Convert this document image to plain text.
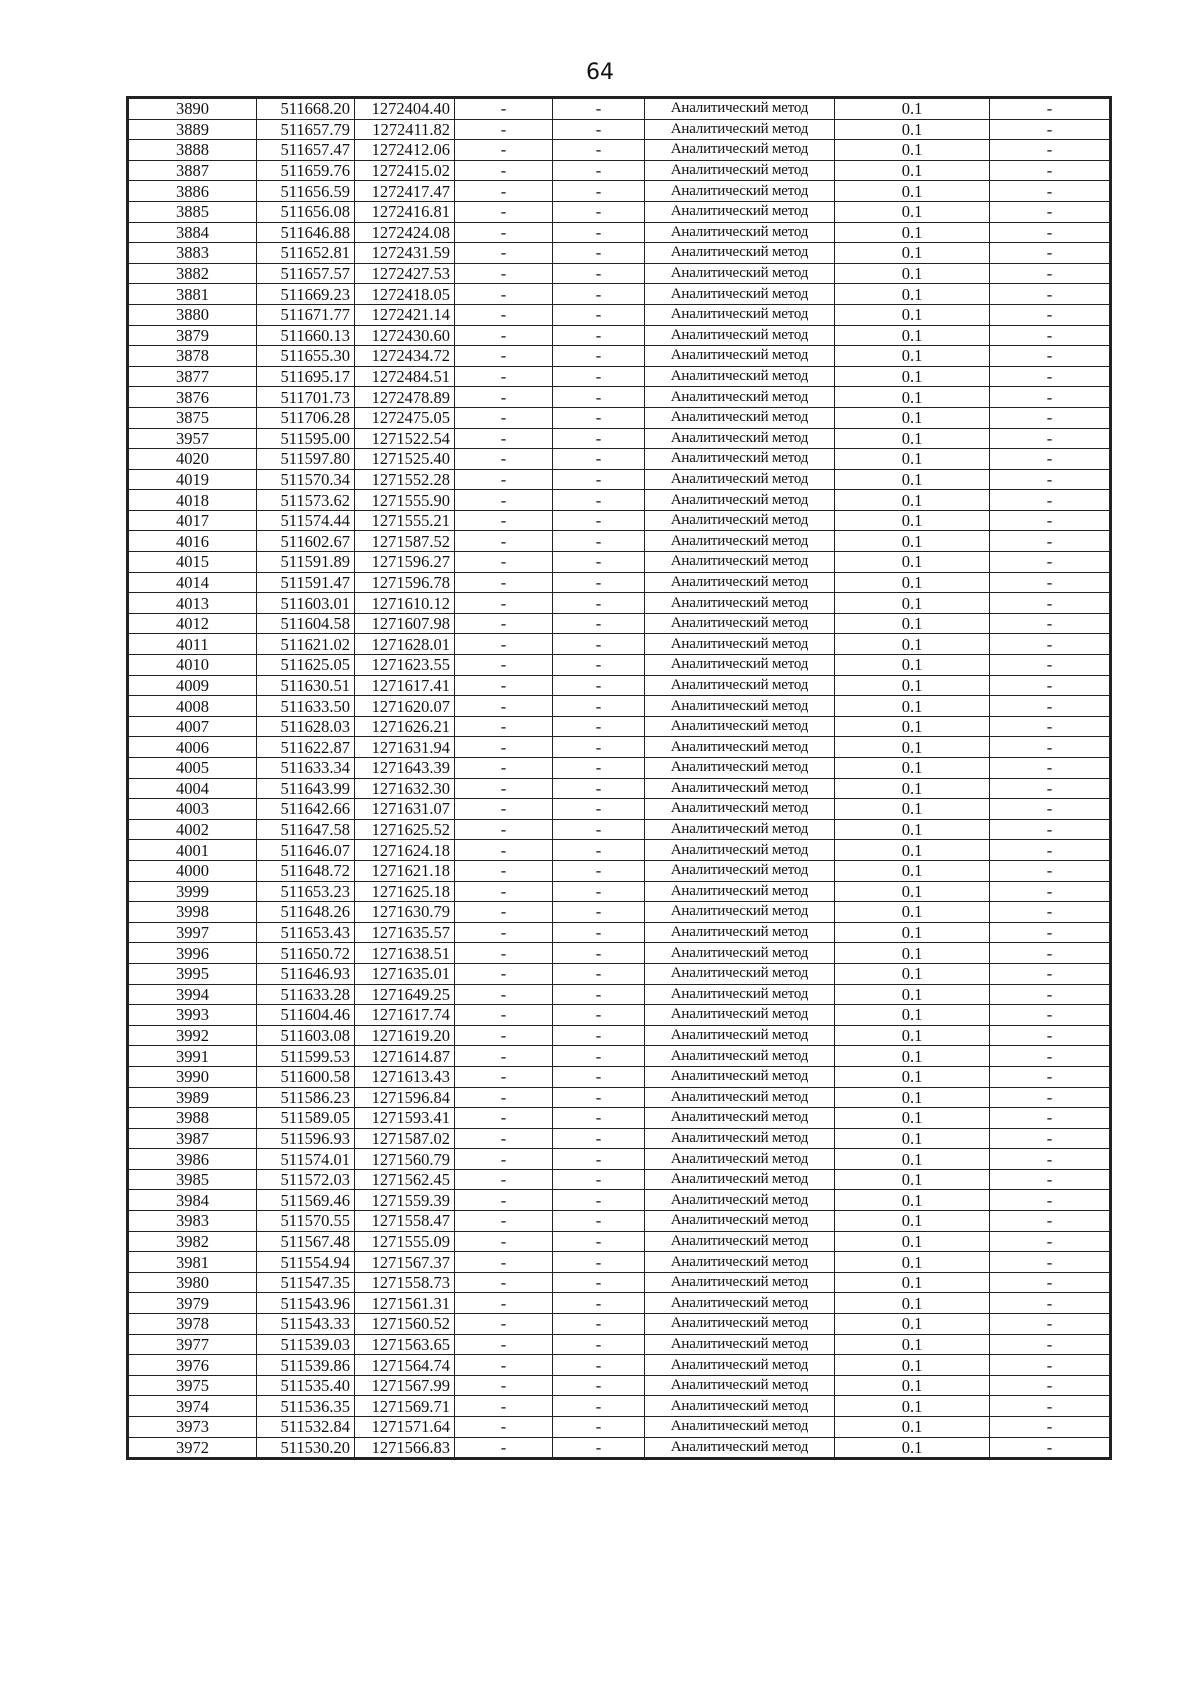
64
3890	511668.20	1272404.40	-	-	Аналитический метод	0.1	-
3889	511657.79	1272411.82	-	-	Аналитический метод	0.1	-
3888	511657.47	1272412.06	-	-	Аналитический метод	0.1	-
3887	511659.76	1272415.02	-	-	Аналитический метод	0.1	-
3886	511656.59	1272417.47	-	-	Аналитический метод	0.1	-
3885	511656.08	1272416.81	-	-	Аналитический метод	0.1	-
3884	511646.88	1272424.08	-	-	Аналитический метод	0.1	-
3883	511652.81	1272431.59	-	-	Аналитический метод	0.1	-
3882	511657.57	1272427.53	-	-	Аналитический метод	0.1	-
3881	511669.23	1272418.05	-	-	Аналитический метод	0.1	-
3880	511671.77	1272421.14	-	-	Аналитический метод	0.1	-
3879	511660.13	1272430.60	-	-	Аналитический метод	0.1	-
3878	511655.30	1272434.72	-	-	Аналитический метод	0.1	-
3877	511695.17	1272484.51	-	-	Аналитический метод	0.1	-
3876	511701.73	1272478.89	-	-	Аналитический метод	0.1	-
3875	511706.28	1272475.05	-	-	Аналитический метод	0.1	-
3957	511595.00	1271522.54	-	-	Аналитический метод	0.1	-
4020	511597.80	1271525.40	-	-	Аналитический метод	0.1	-
4019	511570.34	1271552.28	-	-	Аналитический метод	0.1	-
4018	511573.62	1271555.90	-	-	Аналитический метод	0.1	-
4017	511574.44	1271555.21	-	-	Аналитический метод	0.1	-
4016	511602.67	1271587.52	-	-	Аналитический метод	0.1	-
4015	511591.89	1271596.27	-	-	Аналитический метод	0.1	-
4014	511591.47	1271596.78	-	-	Аналитический метод	0.1	-
4013	511603.01	1271610.12	-	-	Аналитический метод	0.1	-
4012	511604.58	1271607.98	-	-	Аналитический метод	0.1	-
4011	511621.02	1271628.01	-	-	Аналитический метод	0.1	-
4010	511625.05	1271623.55	-	-	Аналитический метод	0.1	-
4009	511630.51	1271617.41	-	-	Аналитический метод	0.1	-
4008	511633.50	1271620.07	-	-	Аналитический метод	0.1	-
4007	511628.03	1271626.21	-	-	Аналитический метод	0.1	-
4006	511622.87	1271631.94	-	-	Аналитический метод	0.1	-
4005	511633.34	1271643.39	-	-	Аналитический метод	0.1	-
4004	511643.99	1271632.30	-	-	Аналитический метод	0.1	-
4003	511642.66	1271631.07	-	-	Аналитический метод	0.1	-
4002	511647.58	1271625.52	-	-	Аналитический метод	0.1	-
4001	511646.07	1271624.18	-	-	Аналитический метод	0.1	-
4000	511648.72	1271621.18	-	-	Аналитический метод	0.1	-
3999	511653.23	1271625.18	-	-	Аналитический метод	0.1	-
3998	511648.26	1271630.79	-	-	Аналитический метод	0.1	-
3997	511653.43	1271635.57	-	-	Аналитический метод	0.1	-
3996	511650.72	1271638.51	-	-	Аналитический метод	0.1	-
3995	511646.93	1271635.01	-	-	Аналитический метод	0.1	-
3994	511633.28	1271649.25	-	-	Аналитический метод	0.1	-
3993	511604.46	1271617.74	-	-	Аналитический метод	0.1	-
3992	511603.08	1271619.20	-	-	Аналитический метод	0.1	-
3991	511599.53	1271614.87	-	-	Аналитический метод	0.1	-
3990	511600.58	1271613.43	-	-	Аналитический метод	0.1	-
3989	511586.23	1271596.84	-	-	Аналитический метод	0.1	-
3988	511589.05	1271593.41	-	-	Аналитический метод	0.1	-
3987	511596.93	1271587.02	-	-	Аналитический метод	0.1	-
3986	511574.01	1271560.79	-	-	Аналитический метод	0.1	-
3985	511572.03	1271562.45	-	-	Аналитический метод	0.1	-
3984	511569.46	1271559.39	-	-	Аналитический метод	0.1	-
3983	511570.55	1271558.47	-	-	Аналитический метод	0.1	-
3982	511567.48	1271555.09	-	-	Аналитический метод	0.1	-
3981	511554.94	1271567.37	-	-	Аналитический метод	0.1	-
3980	511547.35	1271558.73	-	-	Аналитический метод	0.1	-
3979	511543.96	1271561.31	-	-	Аналитический метод	0.1	-
3978	511543.33	1271560.52	-	-	Аналитический метод	0.1	-
3977	511539.03	1271563.65	-	-	Аналитический метод	0.1	-
3976	511539.86	1271564.74	-	-	Аналитический метод	0.1	-
3975	511535.40	1271567.99	-	-	Аналитический метод	0.1	-
3974	511536.35	1271569.71	-	-	Аналитический метод	0.1	-
3973	511532.84	1271571.64	-	-	Аналитический метод	0.1	-
3972	511530.20	1271566.83	-	-	Аналитический метод	0.1	-
